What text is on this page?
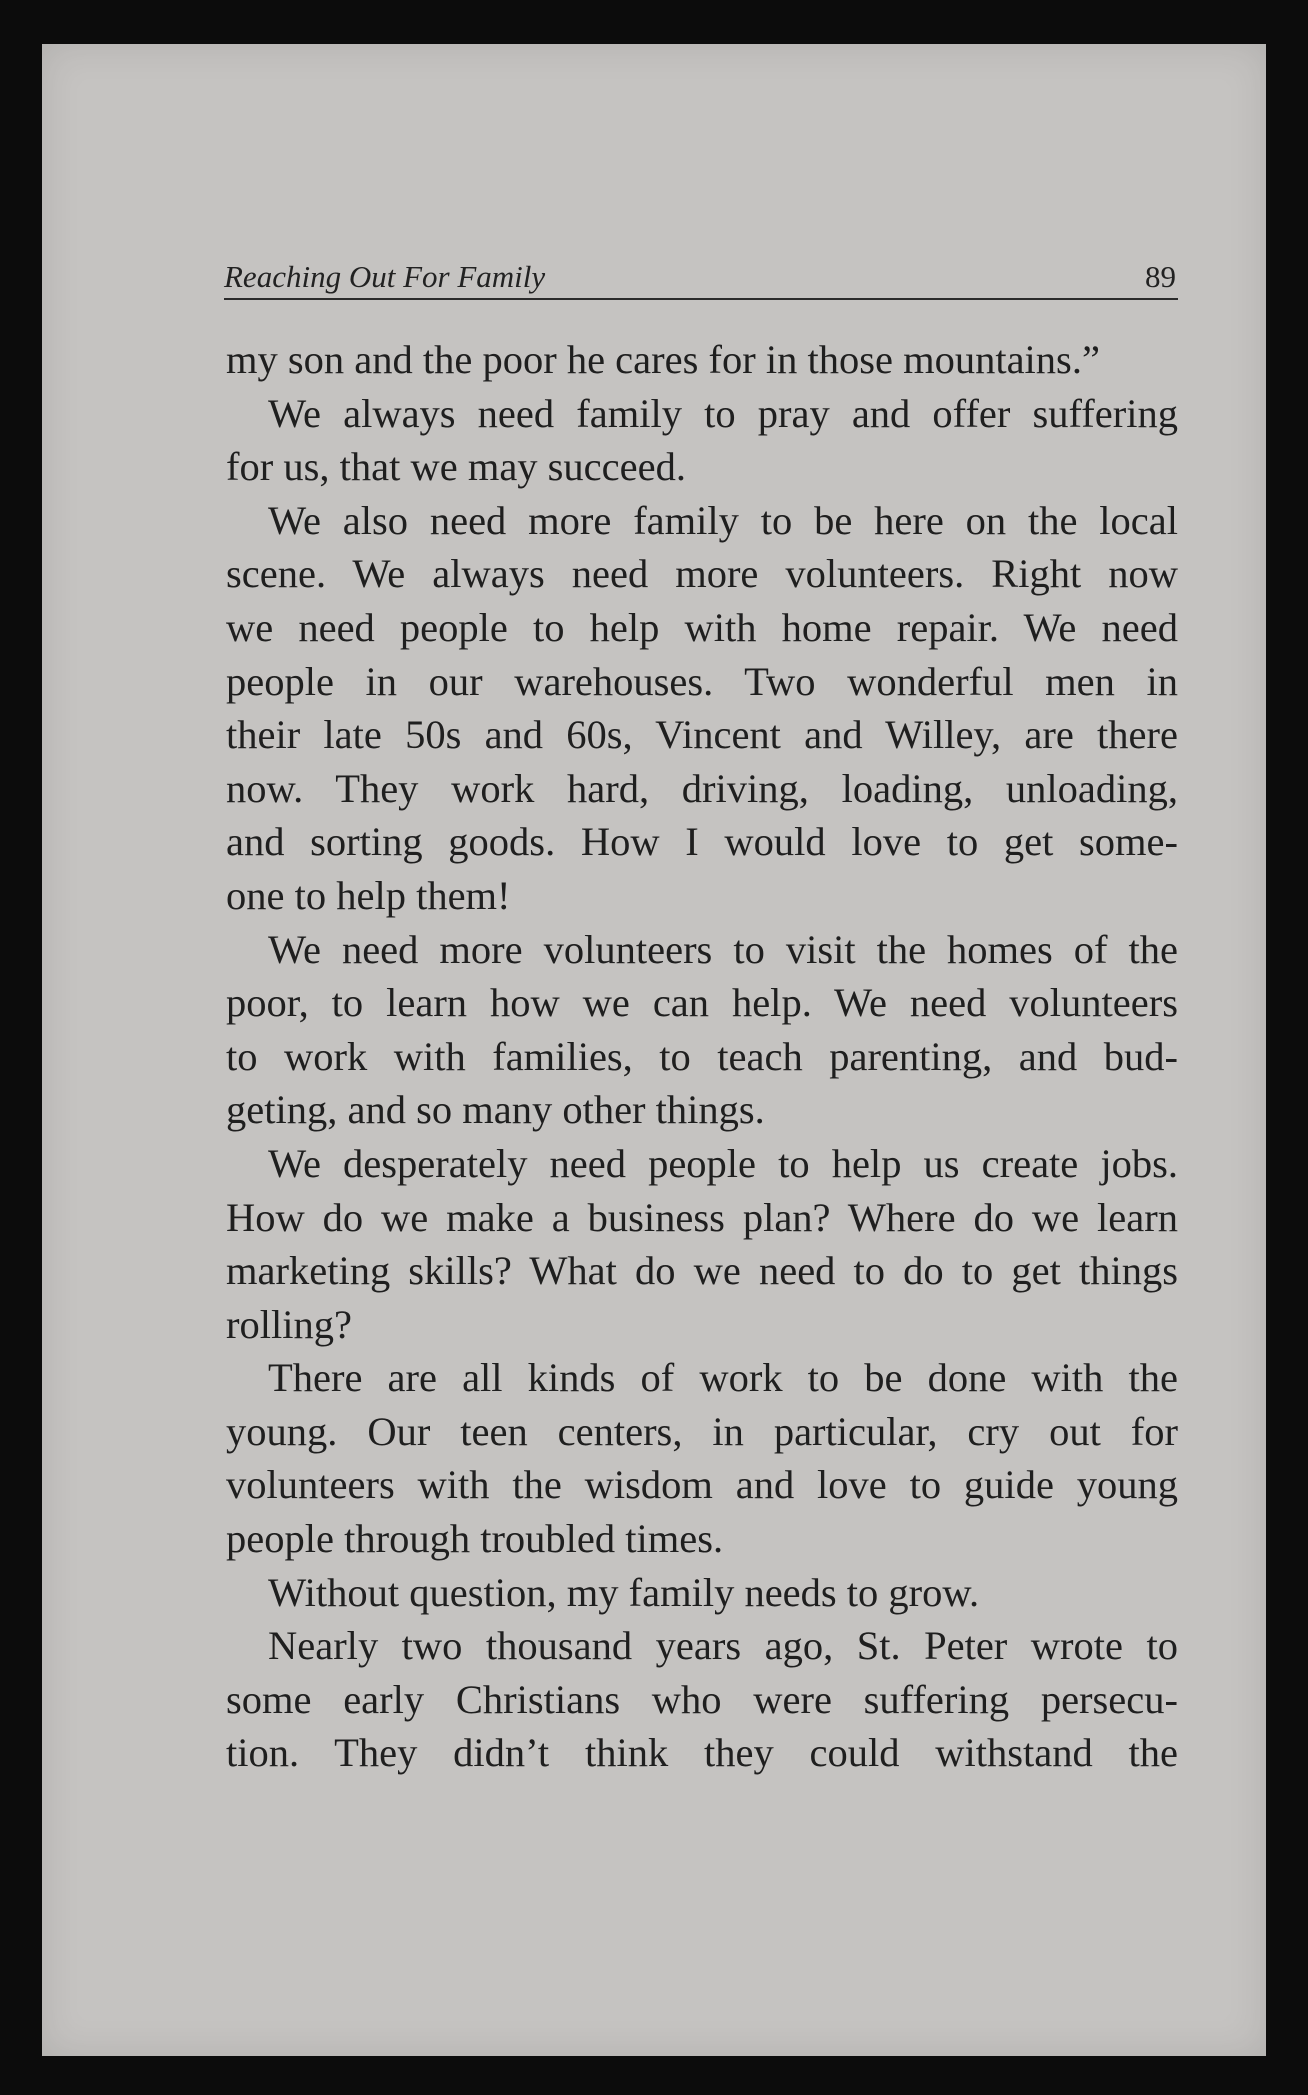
Reaching Out For Family	89
my son and the poor he cares for in those mountains.”
We always need family to pray and offer suffering
for us, that we may succeed.
We also need more family to be here on the local
scene. We always need more volunteers. Right now
we need people to help with home repair. We need
people in our warehouses. Two wonderful men in
their late 50s and 60s, Vincent and Willey, are there
now. They work hard, driving, loading, unloading,
and sorting goods. How I would love to get some-
one to help them!
We need more volunteers to visit the homes of the
poor, to learn how we can help. We need volunteers
to work with families, to teach parenting, and bud-
geting, and so many other things.
We desperately need people to help us create jobs.
How do we make a business plan? Where do we learn
marketing skills? What do we need to do to get things
rolling?
There are all kinds of work to be done with the
young. Our teen centers, in particular, cry out for
volunteers with the wisdom and love to guide young
people through troubled times.
Without question, my family needs to grow.
Nearly two thousand years ago, St. Peter wrote to
some early Christians who were suffering persecu-
tion. They didn’t think they could withstand the
